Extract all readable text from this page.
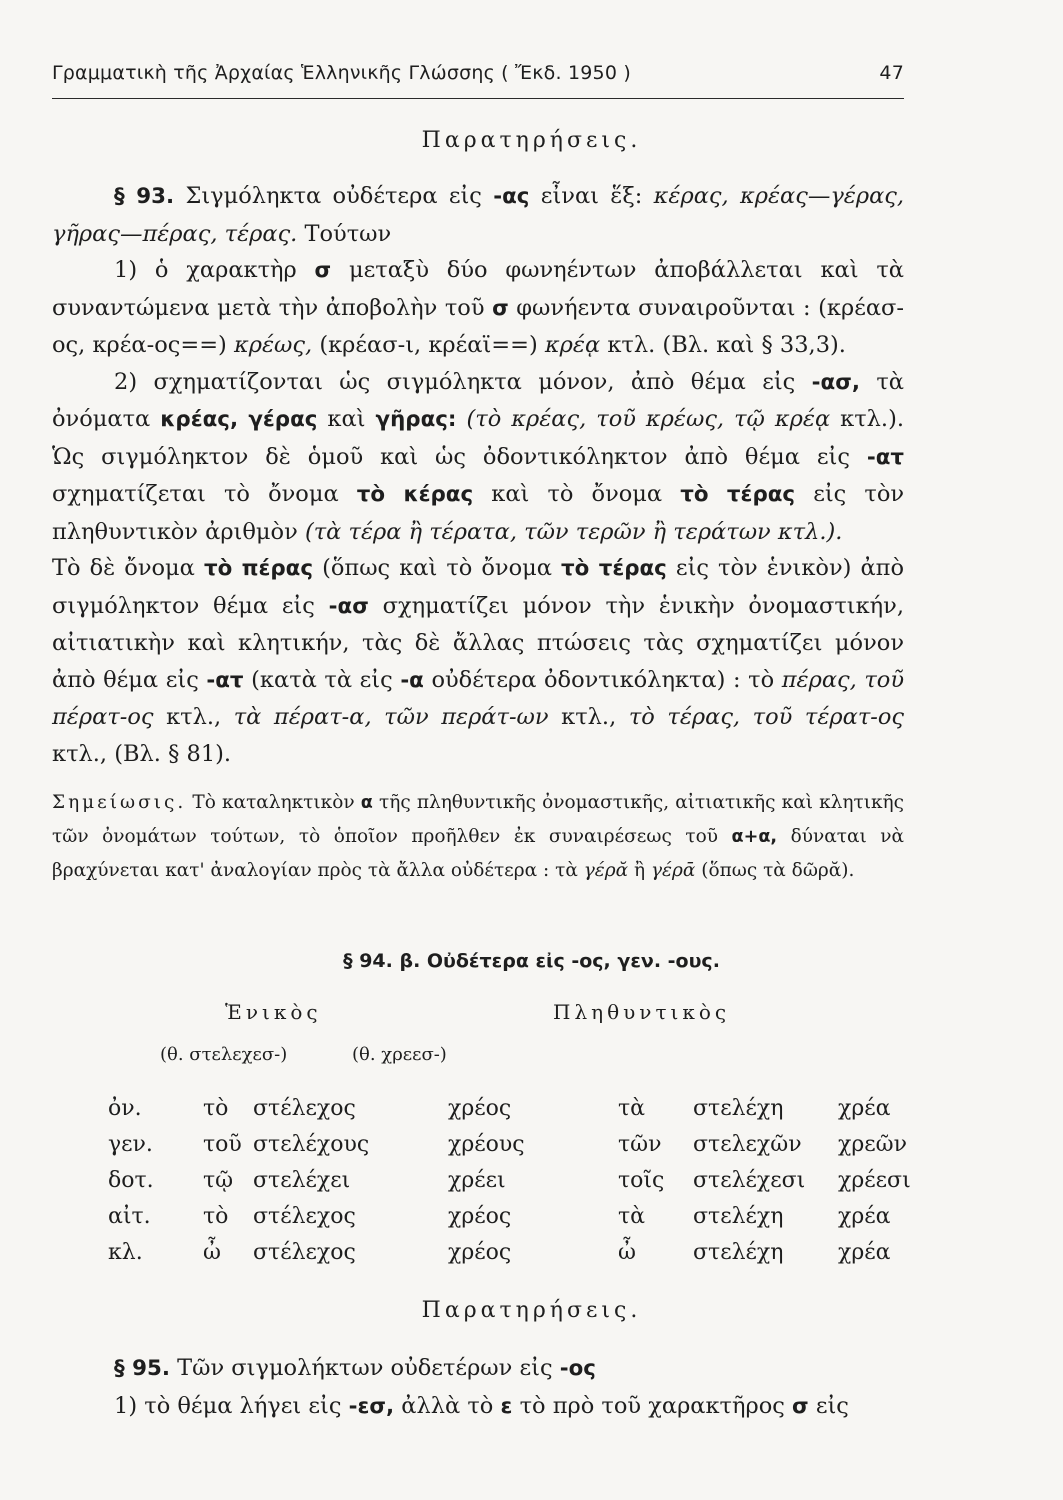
Γραμματικὴ τῆς Ἀρχαίας Ἑλληνικῆς Γλώσσης ( Ἔκδ. 1950 )	47
Παρατηρήσεις.

§ 93. Σιγμόληκτα οὐδέτερα εἰς -ας εἶναι ἕξ: κέρας, κρέας—γέρας, γῆρας—πέρας, τέρας. Τούτων

1) ὁ χαρακτὴρ σ μεταξὺ δύο φωνηέντων ἀποβάλλεται καὶ τὰ συναντώμενα μετὰ τὴν ἀποβολὴν τοῦ σ φωνήεντα συναιροῦνται : (κρέασ-ος, κρέα-ος==) κρέως, (κρέασ-ι, κρέαϊ==) κρέᾳ κτλ. (Βλ. καὶ § 33,3).

2) σχηματίζονται ὡς σιγμόληκτα μόνον, ἀπὸ θέμα εἰς -ασ, τὰ ὀνόματα κρέας, γέρας καὶ γῆρας: (τὸ κρέας, τοῦ κρέως, τῷ κρέᾳ κτλ.). Ὡς σιγμόληκτον δὲ ὁμοῦ καὶ ὡς ὀδοντικόληκτον ἀπὸ θέμα εἰς -ατ σχηματίζεται τὸ ὄνομα τὸ κέρας καὶ τὸ ὄνομα τὸ τέρας εἰς τὸν πληθυντικὸν ἀριθμὸν (τὰ τέρα ἢ τέρατα, τῶν τερῶν ἢ τεράτων κτλ.).

Τὸ δὲ ὄνομα τὸ πέρας (ὅπως καὶ τὸ ὄνομα τὸ τέρας εἰς τὸν ἑνικὸν) ἀπὸ σιγμόληκτον θέμα εἰς -ασ σχηματίζει μόνον τὴν ἑνικὴν ὀνομαστικήν, αἰτιατικὴν καὶ κλητικήν, τὰς δὲ ἄλλας πτώσεις τὰς σχηματίζει μόνον ἀπὸ θέμα εἰς -ατ (κατὰ τὰ εἰς -α οὐδέτερα ὀδοντικόληκτα) : τὸ πέρας, τοῦ πέρατ-ος κτλ., τὰ πέρατ-α, τῶν περάτ-ων κτλ., τὸ τέρας, τοῦ τέρατ-ος κτλ., (Βλ. § 81).

Σημείωσις. Τὸ καταληκτικὸν α τῆς πληθυντικῆς ὀνομαστικῆς, αἰτιατικῆς καὶ κλητικῆς τῶν ὀνομάτων τούτων, τὸ ὁποῖον προῆλθεν ἐκ συναιρέσεως τοῦ α+α, δύναται νὰ βραχύνεται κατ' ἀναλογίαν πρὸς τὰ ἄλλα οὐδέτερα : τὰ γέρᾰ ἢ γέρᾱ (ὅπως τὰ δῶρᾰ).
§ 94. β. Οὐδέτερα εἰς -ος, γεν. -ους.
Ἑνικὸς	Πληθυντικὸς
(θ. στελεχεσ-)	(θ. χρεεσ-)
ὀν.	τὸ	στέλεχος	χρέος	τὰ	στελέχη	χρέα
γεν.	τοῦ	στελέχους	χρέους	τῶν	στελεχῶν	χρεῶν
δοτ.	τῷ	στελέχει	χρέει	τοῖς	στελέχεσι	χρέεσι
αἰτ.	τὸ	στέλεχος	χρέος	τὰ	στελέχη	χρέα
κλ.	ὦ	στέλεχος	χρέος	ὦ	στελέχη	χρέα
Παρατηρήσεις.

§ 95. Τῶν σιγμολήκτων οὐδετέρων εἰς -ος

1) τὸ θέμα λήγει εἰς -εσ, ἀλλὰ τὸ ε τὸ πρὸ τοῦ χαρακτῆρος σ εἰς
